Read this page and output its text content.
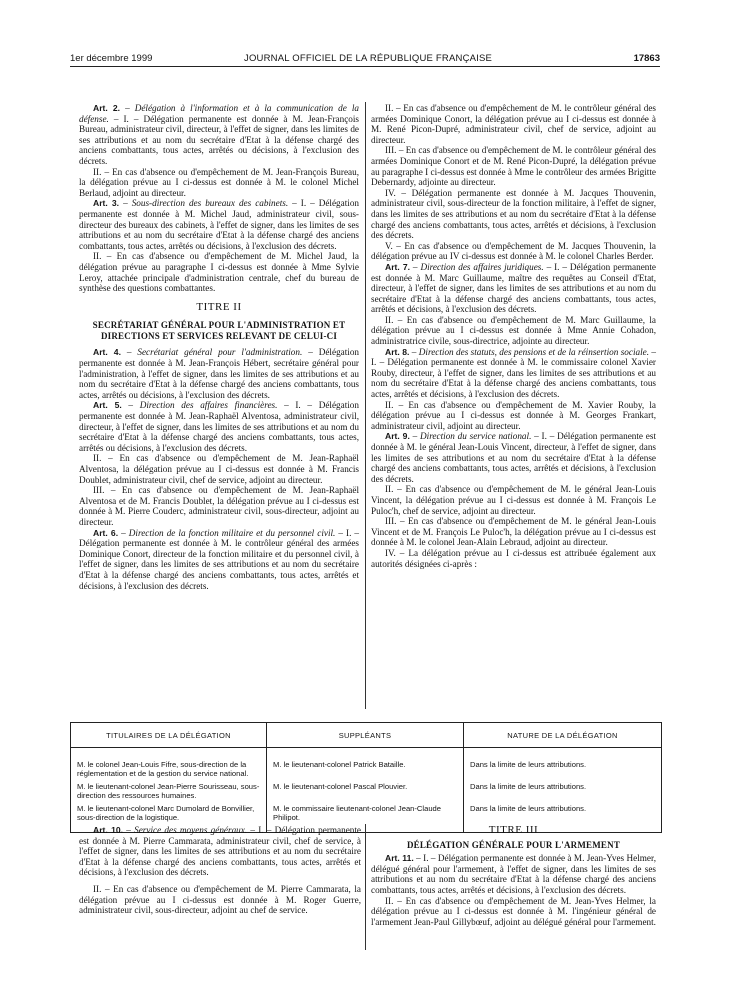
1er décembre 1999	JOURNAL OFFICIEL DE LA RÉPUBLIQUE FRANÇAISE	17863

Art. 2. – Délégation à l'information et à la communication de la défense. – I. – Délégation permanente est donnée à M. Jean-François Bureau, administrateur civil, directeur, à l'effet de signer, dans les limites de ses attributions et au nom du secrétaire d'Etat à la défense chargé des anciens combattants, tous actes, arrêtés ou décisions, à l'exclusion des décrets.

II. – En cas d'absence ou d'empêchement de M. Jean-François Bureau, la délégation prévue au I ci-dessus est donnée à M. le colonel Michel Berlaud, adjoint au directeur.

Art. 3. – Sous-direction des bureaux des cabinets. – I. – Délégation permanente est donnée à M. Michel Jaud, administrateur civil, sous-directeur des bureaux des cabinets, à l'effet de signer, dans les limites de ses attributions et au nom du secrétaire d'Etat à la défense chargé des anciens combattants, tous actes, arrêtés ou décisions, à l'exclusion des décrets.

II. – En cas d'absence ou d'empêchement de M. Michel Jaud, la délégation prévue au paragraphe I ci-dessus est donnée à Mme Sylvie Leroy, attachée principale d'administration centrale, chef du bureau de synthèse des questions combattantes.

TITRE II

SECRÉTARIAT GÉNÉRAL POUR L'ADMINISTRATION ET DIRECTIONS ET SERVICES RELEVANT DE CELUI-CI

Art. 4. – Secrétariat général pour l'administration. – Délégation permanente est donnée à M. Jean-François Hébert, secrétaire général pour l'administration, à l'effet de signer, dans les limites de ses attributions et au nom du secrétaire d'Etat à la défense chargé des anciens combattants, tous actes, arrêtés ou décisions, à l'exclusion des décrets.

Art. 5. – Direction des affaires financières. – I. – Délégation permanente est donnée à M. Jean-Raphaël Alventosa, administrateur civil, directeur, à l'effet de signer, dans les limites de ses attributions et au nom du secrétaire d'Etat à la défense chargé des anciens combattants, tous actes, arrêtés ou décisions, à l'exclusion des décrets.

II. – En cas d'absence ou d'empêchement de M. Jean-Raphaël Alventosa, la délégation prévue au I ci-dessus est donnée à M. Francis Doublet, administrateur civil, chef de service, adjoint au directeur.

III. – En cas d'absence ou d'empêchement de M. Jean-Raphaël Alventosa et de M. Francis Doublet, la délégation prévue au I ci-dessus est donnée à M. Pierre Couderc, administrateur civil, sous-directeur, adjoint au directeur.

Art. 6. – Direction de la fonction militaire et du personnel civil. – I. – Délégation permanente est donnée à M. le contrôleur général des armées Dominique Conort, directeur de la fonction militaire et du personnel civil, à l'effet de signer, dans les limites de ses attributions et au nom du secrétaire d'Etat à la défense chargé des anciens combattants, tous actes, arrêtés et décisions, à l'exclusion des décrets.

II. – En cas d'absence ou d'empêchement de M. le contrôleur général des armées Dominique Conort, la délégation prévue au I ci-dessus est donnée à M. René Picon-Dupré, administrateur civil, chef de service, adjoint au directeur.

III. – En cas d'absence ou d'empêchement de M. le contrôleur général des armées Dominique Conort et de M. René Picon-Dupré, la délégation prévue au paragraphe I ci-dessus est donnée à Mme le contrôleur des armées Brigitte Debernardy, adjointe au directeur.

IV. – Délégation permanente est donnée à M. Jacques Thouvenin, administrateur civil, sous-directeur de la fonction militaire, à l'effet de signer, dans les limites de ses attributions et au nom du secrétaire d'Etat à la défense chargé des anciens combattants, tous actes, arrêtés et décisions, à l'exclusion des décrets.

V. – En cas d'absence ou d'empêchement de M. Jacques Thouvenin, la délégation prévue au IV ci-dessus est donnée à M. le colonel Charles Berder.

Art. 7. – Direction des affaires juridiques. – I. – Délégation permanente est donnée à M. Marc Guillaume, maître des requêtes au Conseil d'Etat, directeur, à l'effet de signer, dans les limites de ses attributions et au nom du secrétaire d'Etat à la défense chargé des anciens combattants, tous actes, arrêtés et décisions, à l'exclusion des décrets.

II. – En cas d'absence ou d'empêchement de M. Marc Guillaume, la délégation prévue au I ci-dessus est donnée à Mme Annie Cohadon, administratrice civile, sous-directrice, adjointe au directeur.

Art. 8. – Direction des statuts, des pensions et de la réinsertion sociale. – I. – Délégation permanente est donnée à M. le commissaire colonel Xavier Rouby, directeur, à l'effet de signer, dans les limites de ses attributions et au nom du secrétaire d'Etat à la défense chargé des anciens combattants, tous actes, arrêtés et décisions, à l'exclusion des décrets.

II. – En cas d'absence ou d'empêchement de M. Xavier Rouby, la délégation prévue au I ci-dessus est donnée à M. Georges Frankart, administrateur civil, adjoint au directeur.

Art. 9. – Direction du service national. – I. – Délégation permanente est donnée à M. le général Jean-Louis Vincent, directeur, à l'effet de signer, dans les limites de ses attributions et au nom du secrétaire d'Etat à la défense chargé des anciens combattants, tous actes, arrêtés et décisions, à l'exclusion des décrets.

II. – En cas d'absence ou d'empêchement de M. le général Jean-Louis Vincent, la délégation prévue au I ci-dessus est donnée à M. François Le Puloc'h, chef de service, adjoint au directeur.

III. – En cas d'absence ou d'empêchement de M. le général Jean-Louis Vincent et de M. François Le Puloc'h, la délégation prévue au I ci-dessus est donnée à M. le colonel Jean-Alain Lebraud, adjoint au directeur.

IV. – La délégation prévue au I ci-dessus est attribuée également aux autorités désignées ci-après :

TITULAIRES DE LA DÉLÉGATION	SUPPLÉANTS	NATURE DE LA DÉLÉGATION
M. le colonel Jean-Louis Fifre, sous-direction de la réglementation et de la gestion du service national.	M. le lieutenant-colonel Patrick Bataille.	Dans la limite de leurs attributions.
M. le lieutenant-colonel Jean-Pierre Sourisseau, sous-direction des ressources humaines.	M. le lieutenant-colonel Pascal Plouvier.	Dans la limite de leurs attributions.
M. le lieutenant-colonel Marc Dumolard de Bonvillier, sous-direction de la logistique.	M. le commissaire lieutenant-colonel Jean-Claude Philipot.	Dans la limite de leurs attributions.

Art. 10. – Service des moyens généraux. – I. – Délégation permanente est donnée à M. Pierre Cammarata, administrateur civil, chef de service, à l'effet de signer, dans les limites de ses attributions et au nom du secrétaire d'Etat à la défense chargé des anciens combattants, tous actes, arrêtés et décisions, à l'exclusion des décrets.

II. – En cas d'absence ou d'empêchement de M. Pierre Cammarata, la délégation prévue au I ci-dessus est donnée à M. Roger Guerre, administrateur civil, sous-directeur, adjoint au chef de service.

TITRE III

DÉLÉGATION GÉNÉRALE POUR L'ARMEMENT

Art. 11. – I. – Délégation permanente est donnée à M. Jean-Yves Helmer, délégué général pour l'armement, à l'effet de signer, dans les limites de ses attributions et au nom du secrétaire d'Etat à la défense chargé des anciens combattants, tous actes, arrêtés et décisions, à l'exclusion des décrets.

II. – En cas d'absence ou d'empêchement de M. Jean-Yves Helmer, la délégation prévue au I ci-dessus est donnée à M. l'ingénieur général de l'armement Jean-Paul Gillybœuf, adjoint au délégué général pour l'armement.
